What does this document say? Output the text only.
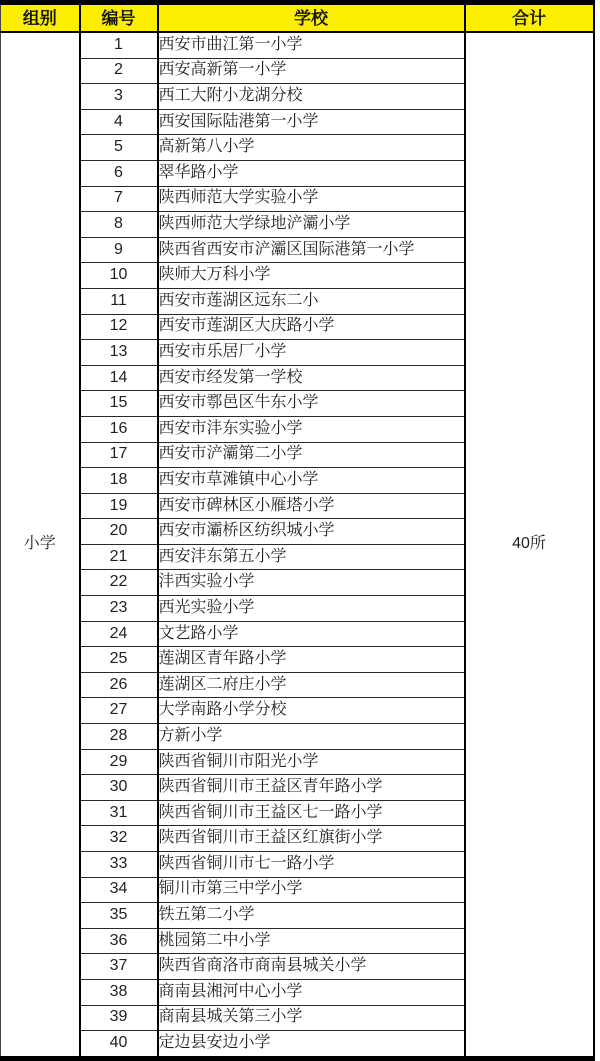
组别	编号	学校	合计
小学	1	西安市曲江第一小学	40所
	2	西安高新第一小学	
	3	西工大附小龙湖分校	
	4	西安国际陆港第一小学	
	5	高新第八小学	
	6	翠华路小学	
	7	陕西师范大学实验小学	
	8	陕西师范大学绿地浐灞小学	
	9	陕西省西安市浐灞区国际港第一小学	
	10	陕师大万科小学	
	11	西安市莲湖区远东二小	
	12	西安市莲湖区大庆路小学	
	13	西安市乐居厂小学	
	14	西安市经发第一学校	
	15	西安市鄠邑区牛东小学	
	16	西安市沣东实验小学	
	17	西安市浐灞第二小学	
	18	西安市草滩镇中心小学	
	19	西安市碑林区小雁塔小学	
	20	西安市灞桥区纺织城小学	
	21	西安沣东第五小学	
	22	沣西实验小学	
	23	西光实验小学	
	24	文艺路小学	
	25	莲湖区青年路小学	
	26	莲湖区二府庄小学	
	27	大学南路小学分校	
	28	方新小学	
	29	陕西省铜川市阳光小学	
	30	陕西省铜川市王益区青年路小学	
	31	陕西省铜川市王益区七一路小学	
	32	陕西省铜川市王益区红旗街小学	
	33	陕西省铜川市七一路小学	
	34	铜川市第三中学小学	
	35	铁五第二小学	
	36	桃园第二中小学	
	37	陕西省商洛市商南县城关小学	
	38	商南县湘河中心小学	
	39	商南县城关第三小学	
	40	定边县安边小学	
